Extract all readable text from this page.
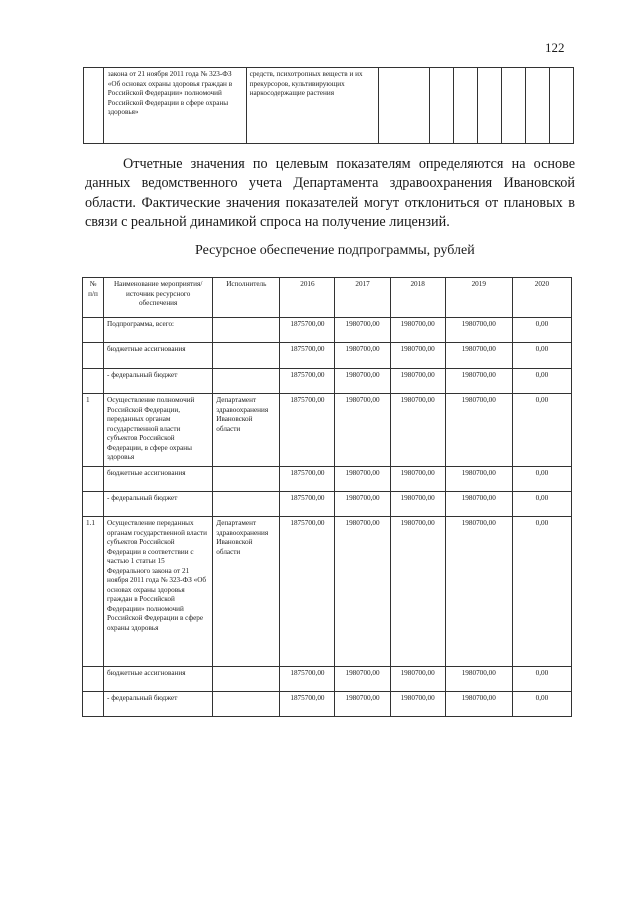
122
	закона от 21 ноября 2011 года № 323-ФЗ «Об основах охраны здоровья граждан в Российской Федерации» полномочий Российской Федерации в сфере охраны здоровья»	средств, психотропных веществ и их прекурсоров, культивирующих наркосодержащие растения							
Отчетные значения по целевым показателям определяются на основе данных ведомственного учета Департамента здравоохранения Ивановской области. Фактические значения показателей могут отклониться от плановых в связи с реальной динамикой спроса на получение лицензий.
Ресурсное обеспечение подпрограммы, рублей
№ п/п	Наименование мероприятия/источник ресурсного обеспечения	Исполнитель	2016	2017	2018	2019	2020
	Подпрограмма, всего:		1875700,00	1980700,00	1980700,00	1980700,00	0,00
	бюджетные ассигнования		1875700,00	1980700,00	1980700,00	1980700,00	0,00
	- федеральный бюджет		1875700,00	1980700,00	1980700,00	1980700,00	0,00
1	Осуществление полномочий Российской Федерации, переданных органам государственной власти субъектов Российской Федерации, в сфере охраны здоровья	Департамент здравоохранения Ивановской области	1875700,00	1980700,00	1980700,00	1980700,00	0,00
	бюджетные ассигнования		1875700,00	1980700,00	1980700,00	1980700,00	0,00
	- федеральный бюджет		1875700,00	1980700,00	1980700,00	1980700,00	0,00
1.1	Осуществление переданных органам государственной власти субъектов Российской Федерации в соответствии с частью 1 статьи 15 Федерального закона от 21 ноября 2011 года № 323-ФЗ «Об основах охраны здоровья граждан в Российской Федерации» полномочий Российской Федерации в сфере охраны здоровья	Департамент здравоохранения Ивановской области	1875700,00	1980700,00	1980700,00	1980700,00	0,00
	бюджетные ассигнования		1875700,00	1980700,00	1980700,00	1980700,00	0,00
	- федеральный бюджет		1875700,00	1980700,00	1980700,00	1980700,00	0,00
